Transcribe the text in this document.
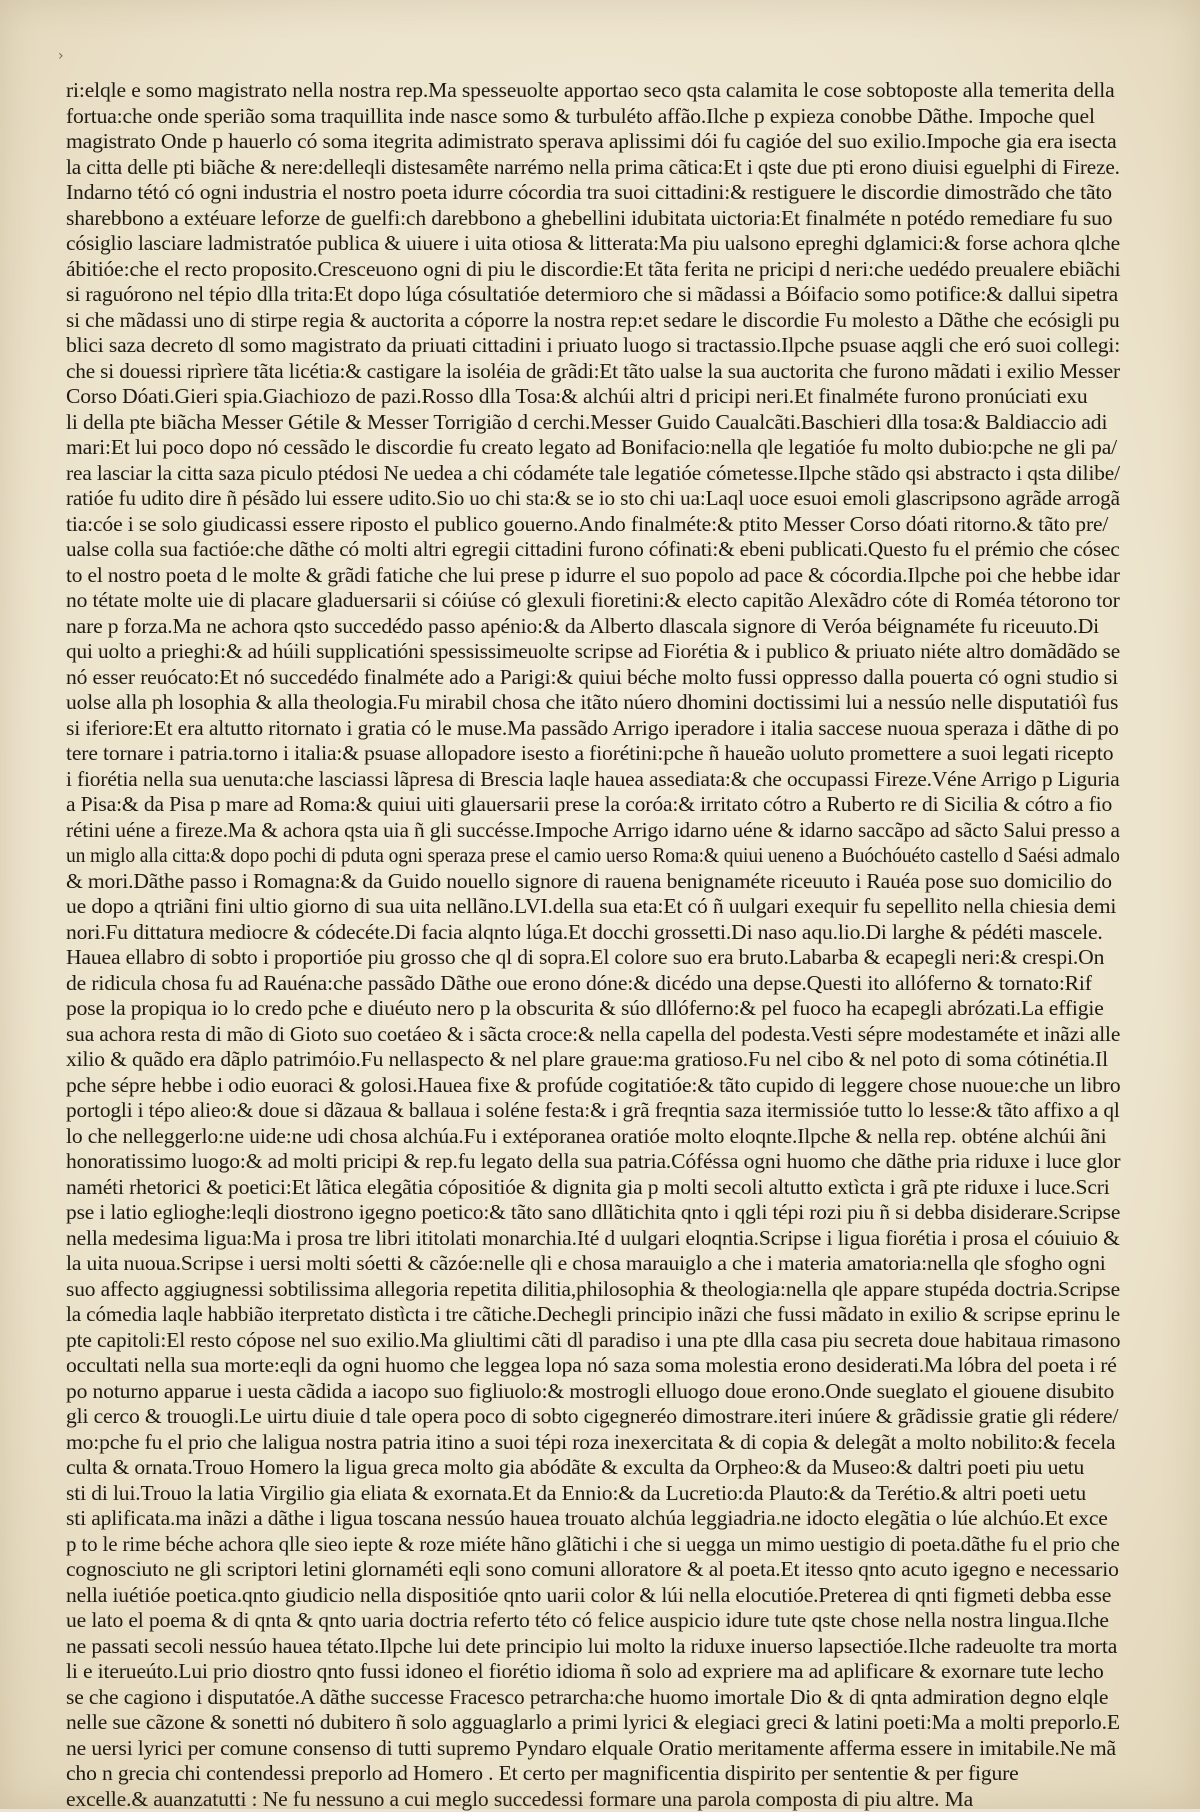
›
ri:elqle e somo magistrato nella nostra rep.Ma spesseuolte apportao seco qsta calamita le cose sobtoposte alla temerita della
fortua:che onde sperião soma traquillita inde nasce somo & turbuléto affão.Ilche p expieza conobbe Dãthe. Impoche quel
magistrato Onde p hauerlo có soma itegrita adimistrato sperava aplissimi dói fu cagióe del suo exilio.Impoche gia era isecta
la citta delle pti biãche & nere:delleqli distesamête narrémo nella prima cãtica:Et i qste due pti erono diuisi eguelphi di Fireze.
Indarno tétó có ogni industria el nostro poeta idurre cócordia tra suoi cittadini:& restiguere le discordie dimostrãdo che tãto
sharebbono a extéuare leforze de guelfi:ch darebbono a ghebellini idubitata uictoria:Et finalméte n potédo remediare fu suo
cósiglio lasciare ladmistratóe publica & uiuere i uita otiosa & litterata:Ma piu ualsono epreghi dglamici:& forse achora qlche
ábitióe:che el recto proposito.Cresceuono ogni di piu le discordie:Et tãta ferita ne pricipi d neri:che uedédo preualere ebiãchi
si raguórono nel tépio dlla trita:Et dopo lúga cósultatióe determioro che si mãdassi a Bóifacio somo potifice:& dallui sipetra
si che mãdassi uno di stirpe regia & auctorita a cóporre la nostra rep:et sedare le discordie Fu molesto a Dãthe che ecósigli pu
blici saza decreto dl somo magistrato da priuati cittadini i priuato luogo si tractassio.Ilpche psuase aqgli che eró suoi collegi:
che si douessi riprìere tãta licétia:& castigare la isoléia de grãdi:Et tãto ualse la sua auctorita che furono mãdati i exilio Messer
Corso Dóati.Gieri spia.Giachiozo de pazi.Rosso dlla Tosa:& alchúi altri d pricipi neri.Et finalméte furono pronúciati exu
li della pte biãcha Messer Gétile & Messer Torrigião d cerchi.Messer Guido Caualcãti.Baschieri dlla tosa:& Baldiaccio adi
mari:Et lui poco dopo nó cessãdo le discordie fu creato legato ad Bonifacio:nella qle legatióe fu molto dubio:pche ne gli pa/
rea lasciar la citta saza piculo ptédosi Ne uedea a chi códaméte tale legatióe cómetesse.Ilpche stãdo qsi abstracto i qsta dilibe/
ratióe fu udito dire ñ pésãdo lui essere udito.Sio uo chi sta:& se io sto chi ua:Laql uoce esuoi emoli glascripsono agrãde arrogã
tia:cóe i se solo giudicassi essere riposto el publico gouerno.Ando finalméte:& ptito Messer Corso dóati ritorno.& tãto pre/
ualse colla sua factióe:che dãthe có molti altri egregii cittadini furono cófinati:& ebeni publicati.Questo fu el prémio che cósec
to el nostro poeta d le molte & grãdi fatiche che lui prese p idurre el suo popolo ad pace & cócordia.Ilpche poi che hebbe idar
no tétate molte uie di placare gladuersarii si cóiúse có glexuli fioretini:& electo capitão Alexãdro cóte di Roméa tétorono tor
nare p forza.Ma ne achora qsto succedédo passo apénio:& da Alberto dlascala signore di Veróa béignaméte fu riceuuto.Di
qui uolto a prieghi:& ad húili supplicatióni spessissimeuolte scripse ad Fiorétia & i publico & priuato niéte altro domãdãdo se
nó esser reuócato:Et nó succedédo finalméte ado a Parigi:& quiui béche molto fussi oppresso dalla pouerta có ogni studio si
uolse alla ph losophia & alla theologia.Fu mirabil chosa che itãto núero dhomini doctissimi lui a nessúo nelle disputatióì fus
si iferiore:Et era altutto ritornato i gratia có le muse.Ma passãdo Arrigo iperadore i italia saccese nuoua speraza i dãthe di po
tere tornare i patria.torno i italia:& psuase allopadore isesto a fiorétini:pche ñ haueão uoluto promettere a suoi legati ricepto
i fiorétia nella sua uenuta:che lasciassi lãpresa di Brescia laqle hauea assediata:& che occupassi Fireze.Véne Arrigo p Liguria
a Pisa:& da Pisa p mare ad Roma:& quiui uiti glauersarii prese la coróa:& irritato cótro a Ruberto re di Sicilia & cótro a fio
rétini uéne a fireze.Ma & achora qsta uia ñ gli succésse.Impoche Arrigo idarno uéne & idarno saccãpo ad sãcto Salui presso a
un miglo alla citta:& dopo pochi di pduta ogni speraza prese el camio uerso Roma:& quiui ueneno a Buóchóuéto castello d Saési admalo
& mori.Dãthe passo i Romagna:& da Guido nouello signore di rauena benignaméte riceuuto i Rauéa pose suo domicilio do
ue dopo a qtriãni fini ultio giorno di sua uita nellãno.LVI.della sua eta:Et có ñ uulgari exequir fu sepellito nella chiesia demi
nori.Fu dittatura mediocre & códecéte.Di facia alqnto lúga.Et docchi grossetti.Di naso aqu.lio.Di larghe & pédéti mascele.
Hauea ellabro di sobto i proportióe piu grosso che ql di sopra.El colore suo era bruto.Labarba & ecapegli neri:& crespi.On
de ridicula chosa fu ad Rauéna:che passãdo Dãthe oue erono dóne:& dicédo una depse.Questi ito allóferno & tornato:Rif
pose la propiqua io lo credo pche e diuéuto nero p la obscurita & súo dllóferno:& pel fuoco ha ecapegli abrózati.La effigie
sua achora resta di mão di Gioto suo coetáeo & i sãcta croce:& nella capella del podesta.Vesti sépre modestaméte et inãzi alle
xilio & quãdo era dãplo patrimóio.Fu nellaspecto & nel plare graue:ma gratioso.Fu nel cibo & nel poto di soma cótinétia.Il
pche sépre hebbe i odio euoraci & golosi.Hauea fixe & profúde cogitatióe:& tãto cupido di leggere chose nuoue:che un libro
portogli i tépo alieo:& doue si dãzaua & ballaua i soléne festa:& i grã freqntia saza itermissióe tutto lo lesse:& tãto affixo a ql
lo che nelleggerlo:ne uide:ne udi chosa alchúa.Fu i extéporanea oratióe molto eloqnte.Ilpche & nella rep. obténe alchúi ãni
honoratissimo luogo:& ad molti pricipi & rep.fu legato della sua patria.Cóféssa ogni huomo che dãthe pria riduxe i luce glor
naméti rhetorici & poetici:Et lãtica elegãtia cópositióe & dignita gia p molti secoli altutto extìcta i grã pte riduxe i luce.Scri
pse i latio eglioghe:leqli diostrono igegno poetico:& tãto sano dllãtichita qnto i qgli tépi rozi piu ñ si debba disiderare.Scripse
nella medesima ligua:Ma i prosa tre libri ititolati monarchia.Ité d uulgari eloqntia.Scripse i ligua fiorétia i prosa el cóuiuio &
la uita nuoua.Scripse i uersi molti sóetti & cãzóe:nelle qli e chosa marauiglo a che i materia amatoria:nella qle sfogho ogni
suo affecto aggiugnessi sobtilissima allegoria repetita dilitia,philosophia & theologia:nella qle appare stupéda doctria.Scripse
la cómedia laqle habbião iterpretato distìcta i tre cãtiche.Dechegli principio inãzi che fussi mãdato in exilio & scripse eprinu le
pte capitoli:El resto cópose nel suo exilio.Ma gliultimi cãti dl paradiso i una pte dlla casa piu secreta doue habitaua rimasono
occultati nella sua morte:eqli da ogni huomo che leggea lopa nó saza soma molestia erono desiderati.Ma lóbra del poeta i ré
po noturno apparue i uesta cãdida a iacopo suo figliuolo:& mostrogli elluogo doue erono.Onde sueglato el giouene disubito
gli cerco & trouogli.Le uirtu diuie d tale opera poco di sobto cigegneréo dimostrare.iteri inúere & grãdissie gratie gli rédere/
mo:pche fu el prio che laligua nostra patria itino a suoi tépi roza inexercitata & di copia & delegãt a molto nobilito:& fecela
culta & ornata.Trouo Homero la ligua greca molto gia abódãte & exculta da Orpheo:& da Museo:& daltri poeti piu uetu
sti di lui.Trouo la latia Virgilio gia eliata & exornata.Et da Ennio:& da Lucretio:da Plauto:& da Terétio.& altri poeti uetu
sti aplificata.ma inãzi a dãthe i ligua toscana nessúo hauea trouato alchúa leggiadria.ne idocto elegãtia o lúe alchúo.Et exce
p to le rime béche achora qlle sieo iepte & roze miéte hãno glãtichi i che si uegga un mimo uestigio di poeta.dãthe fu el prio che
cognosciuto ne gli scriptori letini glornaméti eqli sono comuni alloratore & al poeta.Et itesso qnto acuto igegno e necessario
nella iuétióe poetica.qnto giudicio nella dispositióe qnto uarii color & lúi nella elocutióe.Preterea di qnti figmeti debba esse
ue lato el poema & di qnta & qnto uaria doctria referto této có felice auspicio idure tute qste chose nella nostra lingua.Ilche
ne passati secoli nessúo hauea tétato.Ilpche lui dete principio lui molto la riduxe inuerso lapsectióe.Ilche radeuolte tra morta
li e iterueúto.Lui prio diostro qnto fussi idoneo el fiorétio idioma ñ solo ad expriere ma ad aplificare & exornare tute lecho
se che cagiono i disputatóe.A dãthe successe Fracesco petrarcha:che huomo imortale Dio & di qnta admiration degno elqle
nelle sue cãzone & sonetti nó dubitero ñ solo agguaglarlo a primi lyrici & elegiaci greci & latini poeti:Ma a molti preporlo.E
ne uersi lyrici per comune consenso di tutti supremo Pyndaro elquale Oratio meritamente afferma essere in imitabile.Ne mã
cho n grecia chi contendessi preporlo ad Homero . Et certo per magnificentia dispirito per sententie & per figure
excelle.& auanzatutti : Ne fu nessuno a cui meglo succedessi formare una parola composta di piu altre. Ma
